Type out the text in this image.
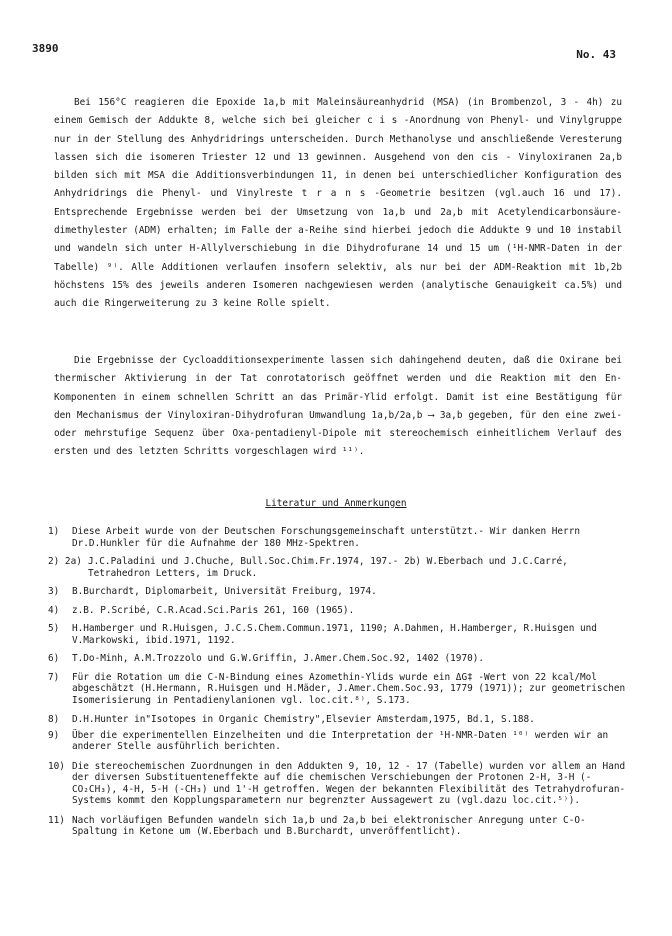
3890	No. 43

Bei 156°C reagieren die Epoxide 1a,b mit Maleinsäureanhydrid (MSA) (in Brombenzol, 3 - 4h) zu einem Gemisch der Addukte 8, welche sich bei gleicher c i s -Anordnung von Phenyl- und Vinylgruppe nur in der Stellung des Anhydridrings unterscheiden. Durch Methanolyse und anschließende Veresterung lassen sich die isomeren Triester 12 und 13 gewinnen. Ausgehend von den cis - Vinyloxiranen 2a,b bilden sich mit MSA die Additionsverbindungen 11, in denen bei unterschiedlicher Konfiguration des Anhydridrings die Phenyl- und Vinylreste t r a n s -Geometrie besitzen (vgl.auch 16 und 17). Entsprechende Ergebnisse werden bei der Umsetzung von 1a,b und 2a,b mit Acetylendicarbonsäure-dimethylester (ADM) erhalten; im Falle der a-Reihe sind hierbei jedoch die Addukte 9 und 10 instabil und wandeln sich unter H-Allylverschiebung in die Dihydrofurane 14 und 15 um (¹H-NMR-Daten in der Tabelle) ⁹⁾. Alle Additionen verlaufen insofern selektiv, als nur bei der ADM-Reaktion mit 1b,2b höchstens 15% des jeweils anderen Isomeren nachgewiesen werden (analytische Genauigkeit ca.5%) und auch die Ringerweiterung zu 3 keine Rolle spielt.

Die Ergebnisse der Cycloadditionsexperimente lassen sich dahingehend deuten, daß die Oxirane bei thermischer Aktivierung in der Tat conrotatorisch geöffnet werden und die Reaktion mit den En-Komponenten in einem schnellen Schritt an das Primär-Ylid erfolgt. Damit ist eine Bestätigung für den Mechanismus der Vinyloxiran-Dihydrofuran Umwandlung 1a,b/2a,b ⟶ 3a,b gegeben, für den eine zwei- oder mehrstufige Sequenz über Oxa-pentadienyl-Dipole mit stereochemisch einheitlichem Verlauf des ersten und des letzten Schritts vorgeschlagen wird ¹¹⁾.

Literatur und Anmerkungen
1) Diese Arbeit wurde von der Deutschen Forschungsgemeinschaft unterstützt.- Wir danken Herrn Dr.D.Hunkler für die Aufnahme der 180 MHz-Spektren.
2) 2a) J.C.Paladini und J.Chuche, Bull.Soc.Chim.Fr.1974, 197.- 2b) W.Eberbach und J.C.Carré, Tetrahedron Letters, im Druck.
3) B.Burchardt, Diplomarbeit, Universität Freiburg, 1974.
4) z.B. P.Scribé, C.R.Acad.Sci.Paris 261, 160 (1965).
5) H.Hamberger und R.Huisgen, J.C.S.Chem.Commun.1971, 1190; A.Dahmen, H.Hamberger, R.Huisgen und V.Markowski, ibid.1971, 1192.
6) T.Do-Minh, A.M.Trozzolo und G.W.Griffin, J.Amer.Chem.Soc.92, 1402 (1970).
7) Für die Rotation um die C-N-Bindung eines Azomethin-Ylids wurde ein ΔG‡ -Wert von 22 kcal/Mol abgeschätzt (H.Hermann, R.Huisgen und H.Mäder, J.Amer.Chem.Soc.93, 1779 (1971)); zur geometrischen Isomerisierung in Pentadienylanionen vgl. loc.cit.⁸⁾, S.173.
8) D.H.Hunter in"Isotopes in Organic Chemistry",Elsevier Amsterdam,1975, Bd.1, S.188.
9) Über die experimentellen Einzelheiten und die Interpretation der ¹H-NMR-Daten ¹⁰⁾ werden wir an anderer Stelle ausführlich berichten.
10) Die stereochemischen Zuordnungen in den Addukten 9, 10, 12 - 17 (Tabelle) wurden vor allem an Hand der diversen Substituenteneffekte auf die chemischen Verschiebungen der Protonen 2-H, 3-H (-CO₂CH₃), 4-H, 5-H (-CH₃) und 1'-H getroffen. Wegen der bekannten Flexibilität des Tetrahydrofuran-Systems kommt den Kopplungsparametern nur begrenzter Aussagewert zu (vgl.dazu loc.cit.⁵⁾).
11) Nach vorläufigen Befunden wandeln sich 1a,b und 2a,b bei elektronischer Anregung unter C-O-Spaltung in Ketone um (W.Eberbach und B.Burchardt, unveröffentlicht).
